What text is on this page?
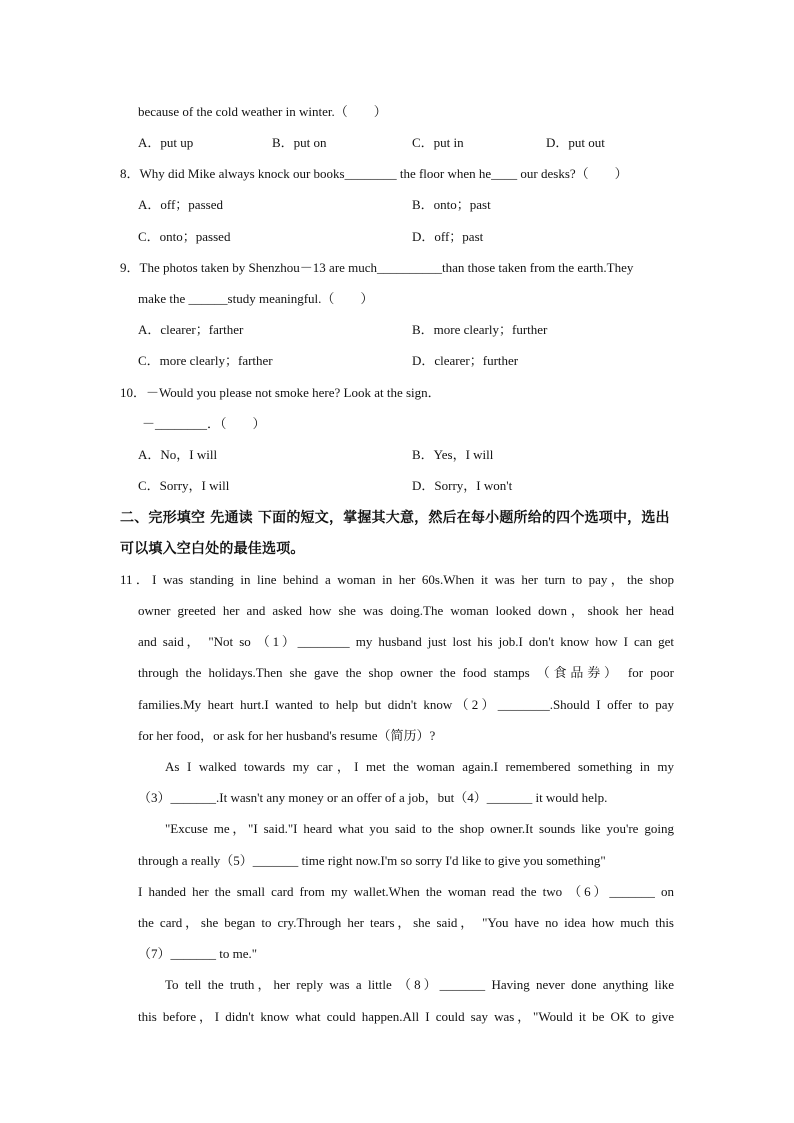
because of the cold weather in winter.（　　）
A．put up	B．put on	C．put in	D．put out
8．Why did Mike always knock our books________ the floor when he____ our desks?（　　）
A．off；passed	B．onto；past
C．onto；passed	D．off；past
9．The photos taken by Shenzhou－13 are much__________than those taken from the earth.They
make the ______study meaningful.（　　）
A．clearer；farther	B．more clearly；further
C．more clearly；farther	D．clearer；further
10．－Would you please not smoke here? Look at the sign．
－________．（　　）
A．No，I will	B．Yes，I will
C．Sorry，I will	D．Sorry，I won't
二、完形填空 先通读 下面的短文，掌握其大意，然后在每小题所给的四个选项中，选出
可以填入空白处的最佳选项。
11．I was standing in line behind a woman in her 60s.When it was her turn to pay，the shop
owner greeted her and asked how she was doing.The woman looked down，shook her head
and said， "Not so （1）________ my husband just lost his job.I don't know how I can get
through the holidays.Then she gave the shop owner the food stamps （食品券） for poor
families.My heart hurt.I wanted to help but didn't know（2）________.Should I offer to pay
for her food，or ask for her husband's resume（简历）?
As I walked towards my car，I met the woman again.I remembered something in my
（3）_______.It wasn't any money or an offer of a job，but（4）_______ it would help.
"Excuse me，"I said."I heard what you said to the shop owner.It sounds like you're going
through a really（5）_______ time right now.I'm so sorry I'd like to give you something"
I handed her the small card from my wallet.When the woman read the two （6）_______ on
the card，she began to cry.Through her tears，she said， "You have no idea how much this
（7）_______ to me."
To tell the truth，her reply was a little （8）_______ Having never done anything like
this before，I didn't know what could happen.All I could say was，"Would it be OK to give
